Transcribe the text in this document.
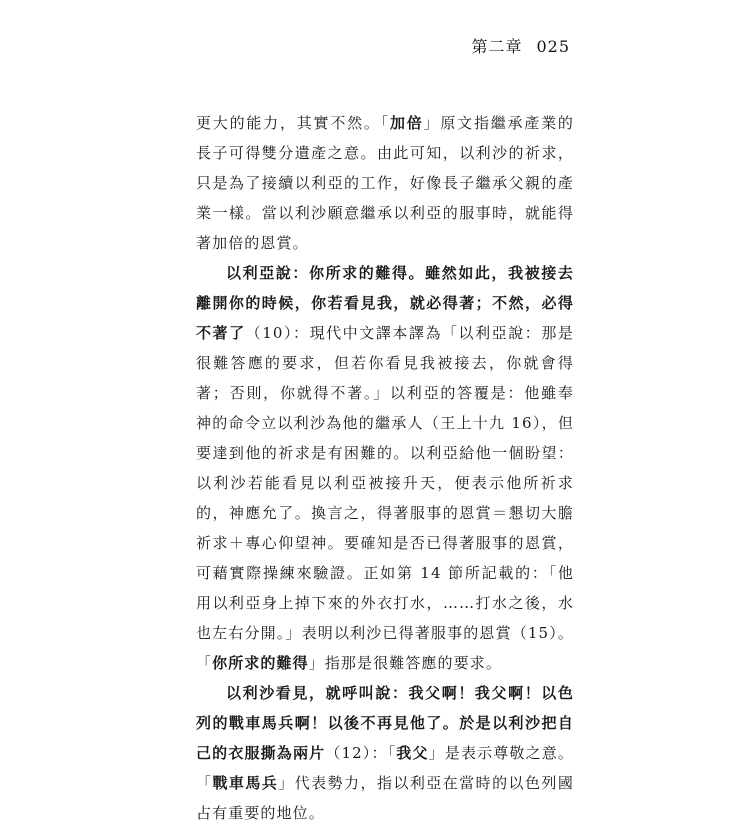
第二章 025

更大的能力，其實不然。「加倍」原文指繼承產業的長子可得雙分遺產之意。由此可知，以利沙的祈求，只是為了接續以利亞的工作，好像長子繼承父親的產業一樣。當以利沙願意繼承以利亞的服事時，就能得著加倍的恩賞。

以利亞說：你所求的難得。雖然如此，我被接去離開你的時候，你若看見我，就必得著；不然，必得不著了（10）：現代中文譯本譯為「以利亞說：那是很難答應的要求，但若你看見我被接去，你就會得著；否則，你就得不著。」以利亞的答覆是：他雖奉神的命令立以利沙為他的繼承人（王上十九 16），但要達到他的祈求是有困難的。以利亞給他一個盼望：以利沙若能看見以利亞被接升天，便表示他所祈求的，神應允了。換言之，得著服事的恩賞＝懇切大膽祈求＋專心仰望神。要確知是否已得著服事的恩賞，可藉實際操練來驗證。正如第 14 節所記載的：「他用以利亞身上掉下來的外衣打水，……打水之後，水也左右分開。」表明以利沙已得著服事的恩賞（15）。「你所求的難得」指那是很難答應的要求。

以利沙看見，就呼叫說：我父啊！我父啊！以色列的戰車馬兵啊！以後不再見他了。於是以利沙把自己的衣服撕為兩片（12）：「我父」是表示尊敬之意。「戰車馬兵」代表勢力，指以利亞在當時的以色列國占有重要的地位。
